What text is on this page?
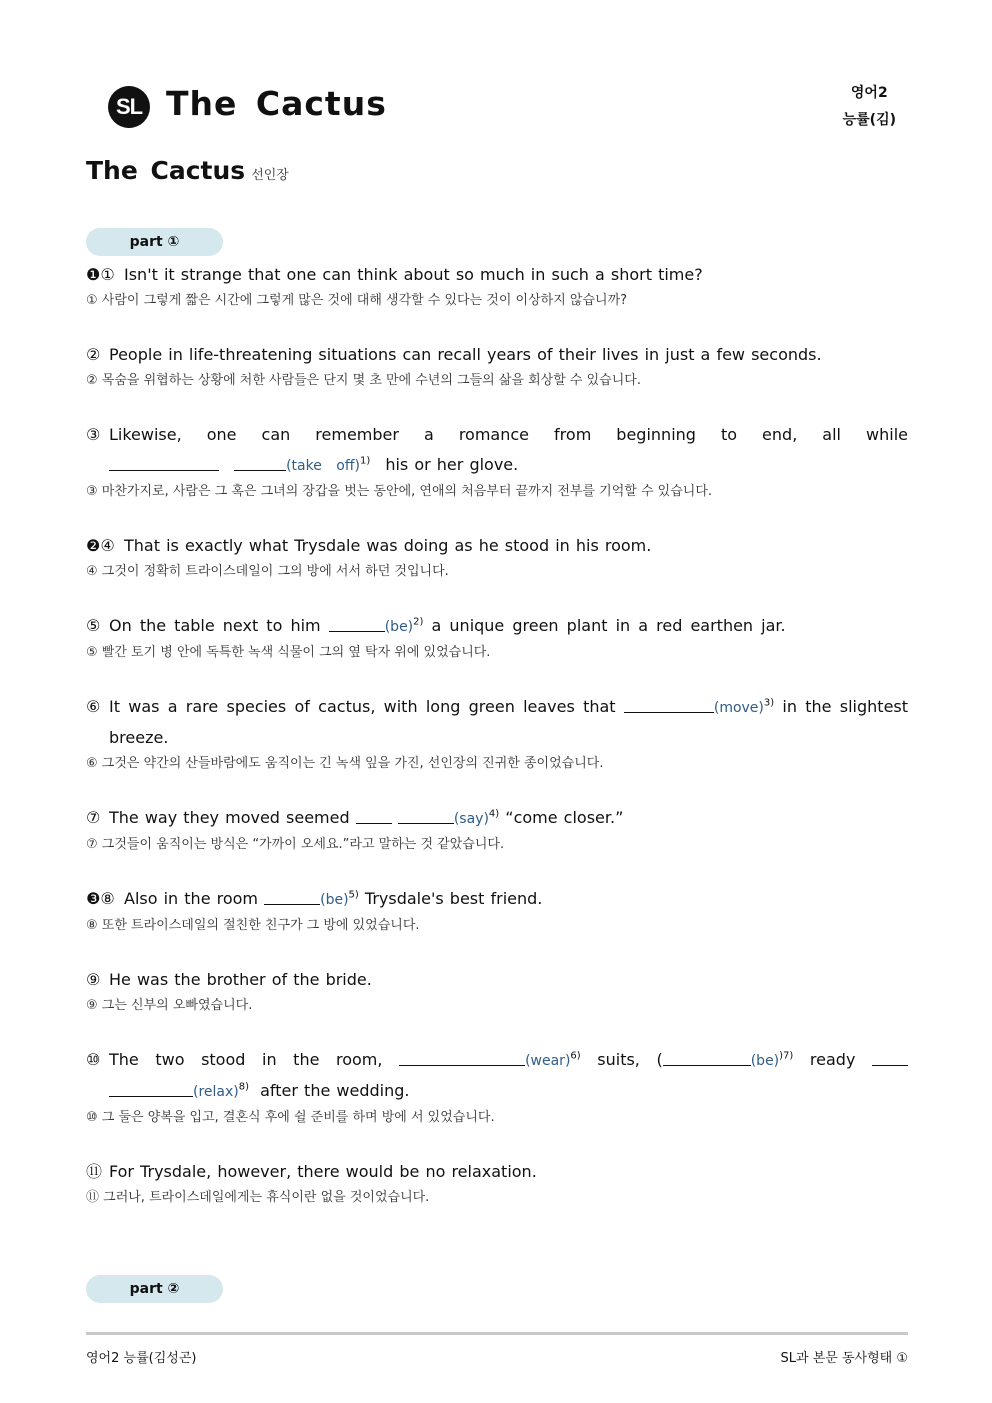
SL The Cactus	영어2
능률(김)
The Cactus 선인장
part ①

❶① Isn't it strange that one can think about so much in such a short time?

① 사람이 그렇게 짧은 시간에 그렇게 많은 것에 대해 생각할 수 있다는 것이 이상하지 않습니까?

② People in life-threatening situations can recall years of their lives in just a few seconds.

② 목숨을 위협하는 상황에 처한 사람들은 단지 몇 초 만에 수년의 그들의 삶을 회상할 수 있습니다.

③ Likewise, one can remember a romance from beginning to end, all while  (take off)$^{1)}$ his or her glove.

③ 마찬가지로, 사람은 그 혹은 그녀의 장갑을 벗는 동안에, 연애의 처음부터 끝까지 전부를 기억할 수 있습니다.

❷④ That is exactly what Trysdale was doing as he stood in his room.

④ 그것이 정확히 트라이스데일이 그의 방에 서서 하던 것입니다.

⑤ On the table next to him	(be)$^{2)}$ a unique green plant in a red earthen jar.

⑤ 빨간 토기 병 안에 독특한 녹색 식물이 그의 옆 탁자 위에 있었습니다.

⑥ It was a rare species of cactus, with long green leaves that	(move)$^{3)}$ in the slightest breeze.

⑥ 그것은 약간의 산들바람에도 움직이는 긴 녹색 잎을 가진, 선인장의 진귀한 종이었습니다.

⑦ The way they moved seemed	(say)$^{4)}$ “come closer.”

⑦ 그것들이 움직이는 방식은 “가까이 오세요.”라고 말하는 것 같았습니다.

❸⑧ Also in the room	(be)$^{5)}$ Trysdale's best friend.

⑧ 또한 트라이스데일의 절친한 친구가 그 방에 있었습니다.

⑨ He was the brother of the bride.

⑨ 그는 신부의 오빠였습니다.

⑩ The two stood in the room,	(wear)$^{6)}$ suits, (	(be)$^{)7)}$ ready  (relax)$^{8)}$ after the wedding.

⑩ 그 둘은 양복을 입고, 결혼식 후에 쉴 준비를 하며 방에 서 있었습니다.

⑪ For Trysdale, however, there would be no relaxation.

⑪ 그러나, 트라이스데일에게는 휴식이란 없을 것이었습니다.

part ②
영어2 능률(김성곤)	SL과 본문 동사형태 ①
